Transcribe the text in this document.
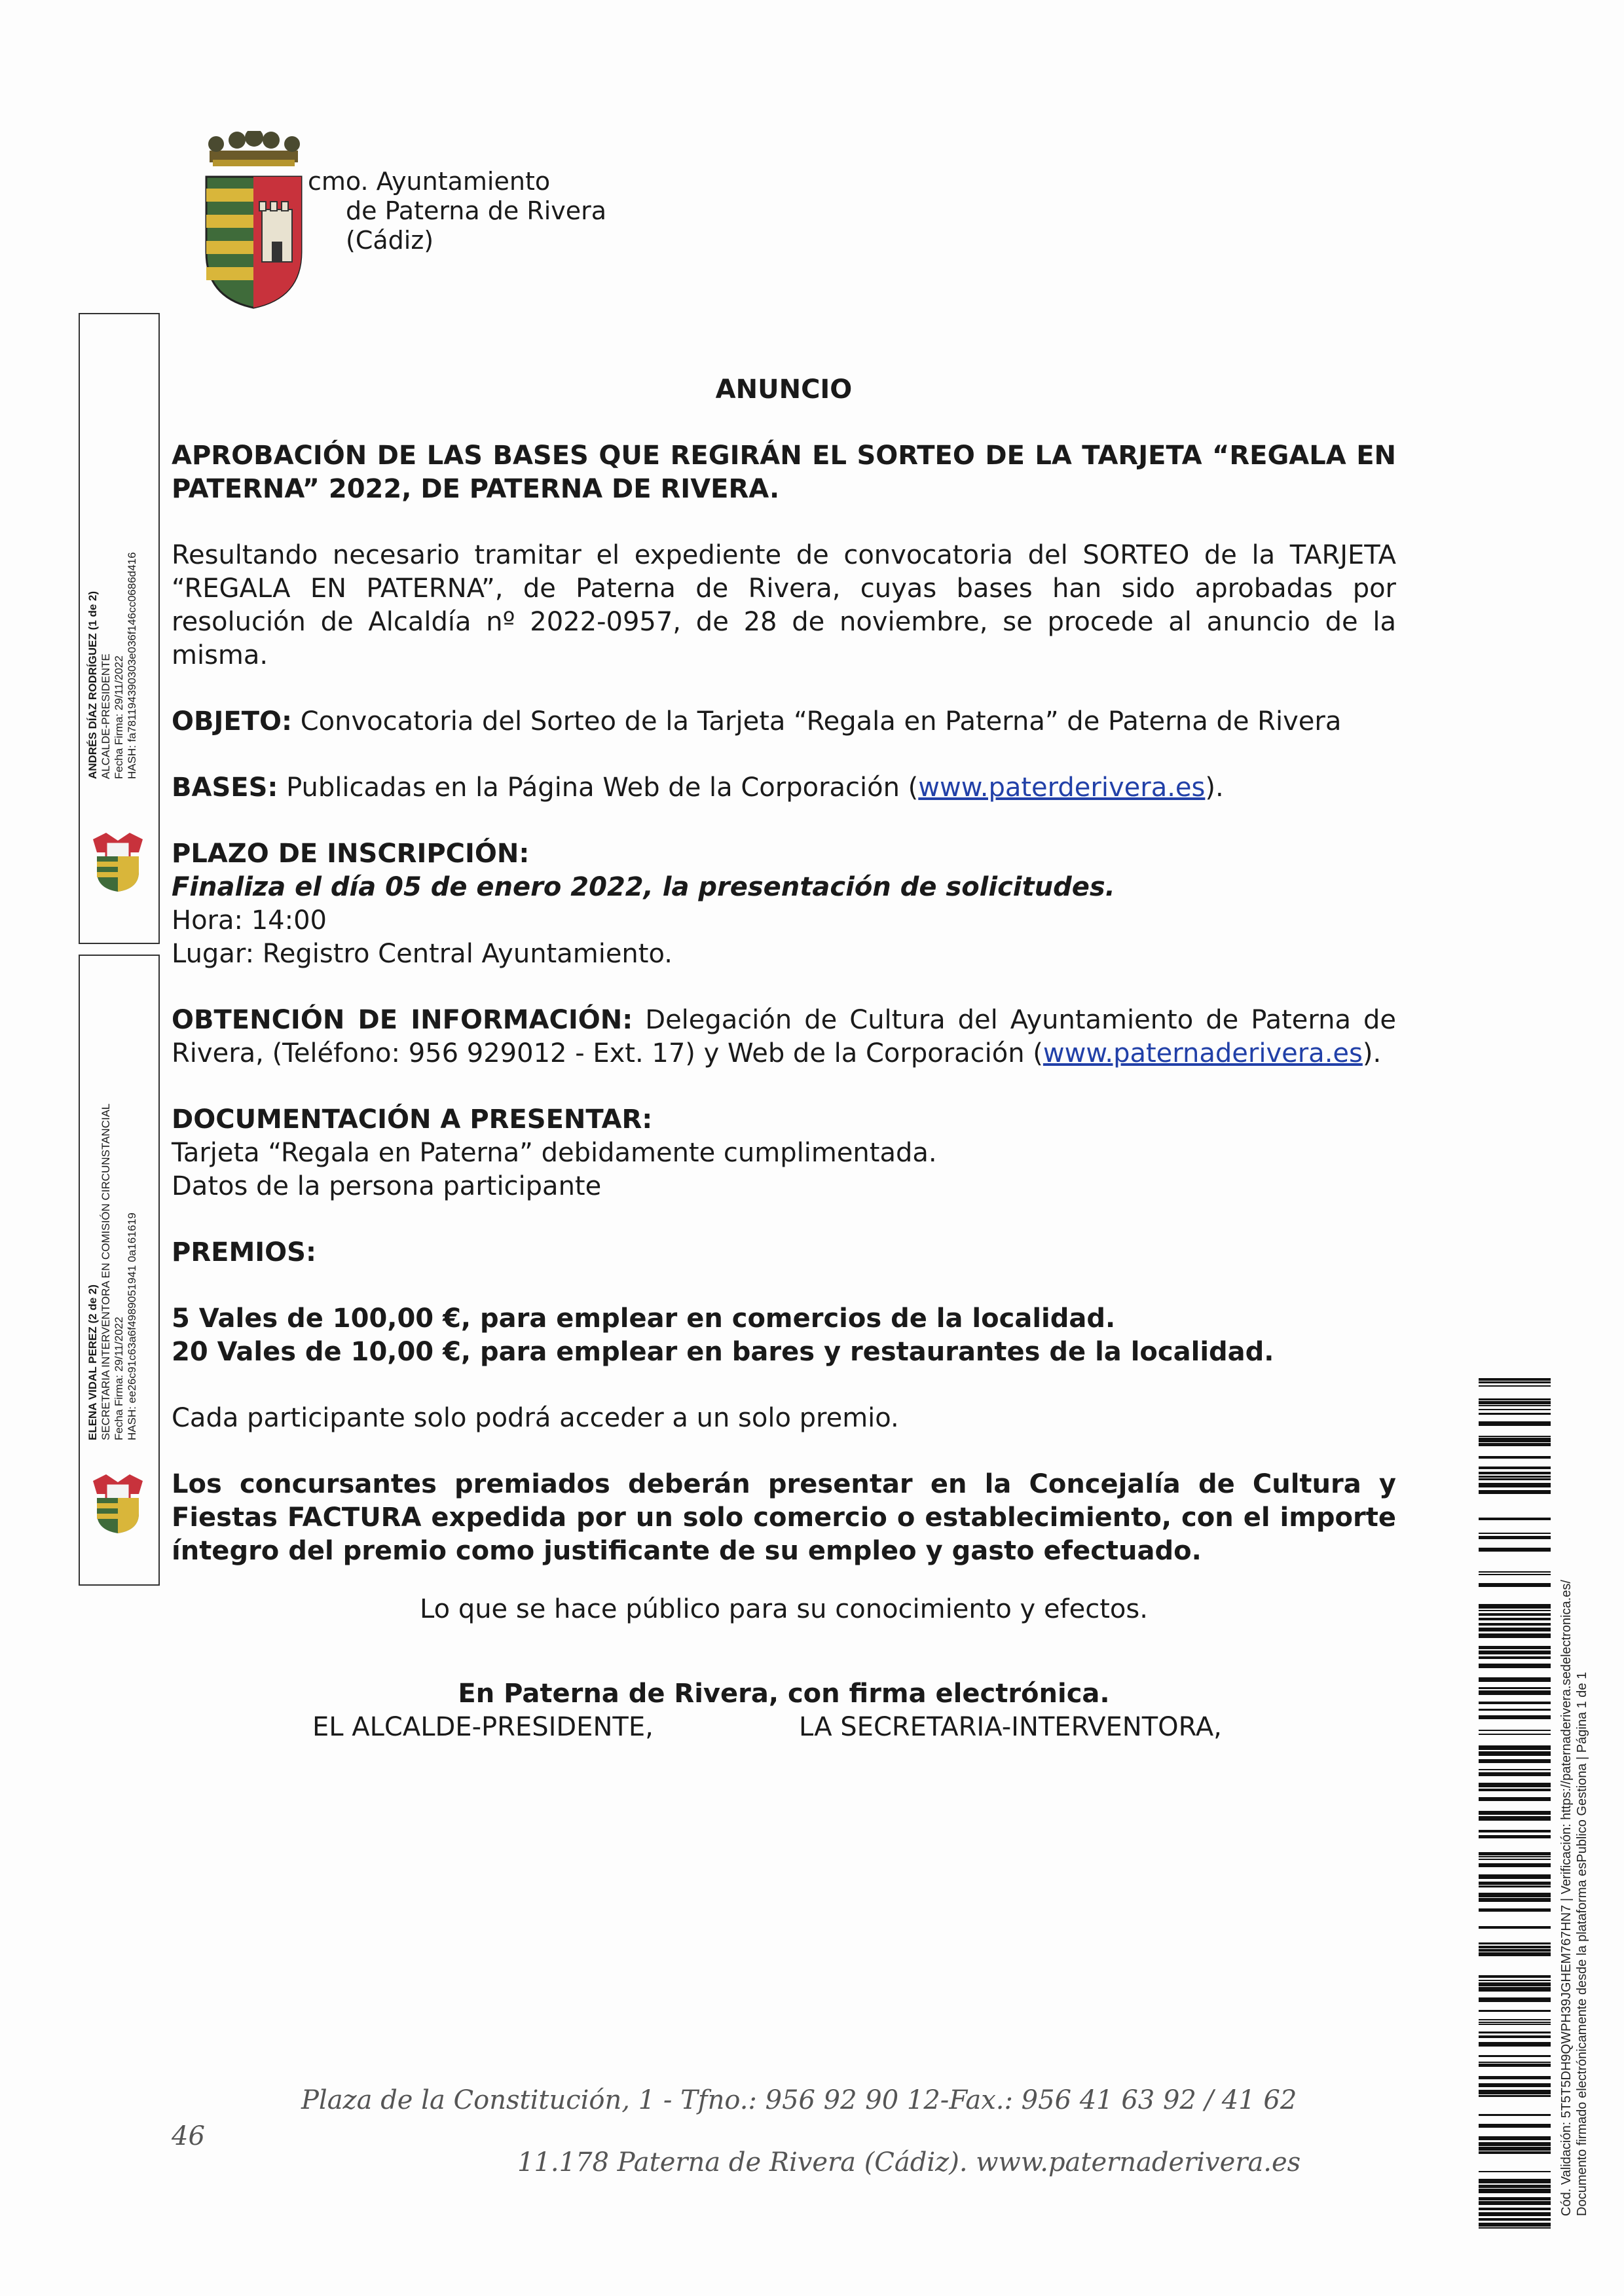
cmo. Ayuntamiento
de Paterna de Rivera
(Cádiz)
ANDRÉS DÍAZ RODRÍGUEZ (1 de 2) ALCALDE-PRESIDENTE Fecha Firma: 29/11/2022 HASH: fa781194390303e036f146cc0686d416
ELENA VIDAL PEREZ (2 de 2) SECRETARIA INTERVENTORA EN COMISIÓN CIRCUNSTANCIAL Fecha Firma: 29/11/2022 HASH: ee26c91c63a6f4989051941 0a161619
ANUNCIO
APROBACIÓN DE LAS BASES QUE REGIRÁN EL SORTEO DE LA TARJETA “REGALA EN PATERNA” 2022, DE PATERNA DE RIVERA.
Resultando necesario tramitar el expediente de convocatoria del SORTEO de la TARJETA “REGALA EN PATERNA”, de Paterna de Rivera, cuyas bases han sido aprobadas por resolución de Alcaldía nº 2022-0957, de 28 de noviembre, se procede al anuncio de la misma.
OBJETO: Convocatoria del Sorteo de la Tarjeta “Regala en Paterna” de Paterna de Rivera
BASES: Publicadas en la Página Web de la Corporación (www.paterderivera.es).
PLAZO DE INSCRIPCIÓN:
Finaliza el día 05 de enero 2022, la presentación de solicitudes.
Hora: 14:00
Lugar: Registro Central Ayuntamiento.
OBTENCIÓN DE INFORMACIÓN: Delegación de Cultura del Ayuntamiento de Paterna de Rivera, (Teléfono: 956 929012 - Ext. 17) y Web de la Corporación (www.paternaderivera.es).
DOCUMENTACIÓN A PRESENTAR:
Tarjeta “Regala en Paterna” debidamente cumplimentada.
Datos de la persona participante
PREMIOS:
5 Vales de 100,00 €, para emplear en comercios de la localidad.
20 Vales de 10,00 €, para emplear en bares y restaurantes de la localidad.
Cada participante solo podrá acceder a un solo premio.
Los concursantes premiados deberán presentar en la Concejalía de Cultura y Fiestas FACTURA expedida por un solo comercio o establecimiento, con el importe íntegro del premio como justificante de su empleo y gasto efectuado.
Lo que se hace público para su conocimiento y efectos.
En Paterna de Rivera, con firma electrónica.
EL ALCALDE-PRESIDENTE,	LA SECRETARIA-INTERVENTORA,
Plaza de la Constitución, 1 - Tfno.: 956 92 90 12-Fax.: 956 41 63 92 / 41 62
46
11.178 Paterna de Rivera (Cádiz). www.paternaderivera.es	Cód. Validación: 5T5T5DH9QWPH39JGHEM767HN7 | Verificación: https://paternaderivera.sedelectronica.es/ Documento firmado electrónicamente desde la plataforma esPublico Gestiona | Página 1 de 1
